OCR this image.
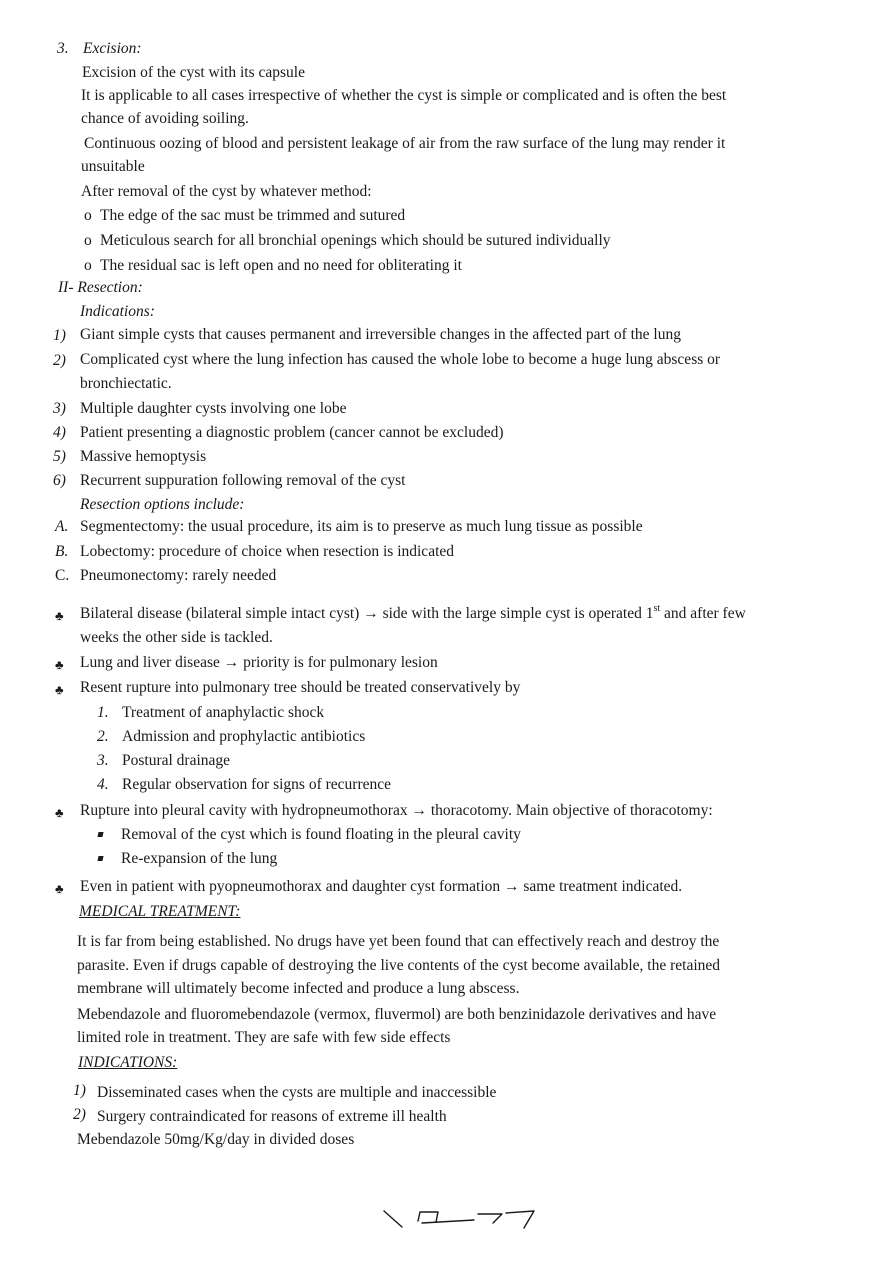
3. Excision:
Excision of the cyst with its capsule
It is applicable to all cases irrespective of whether the cyst is simple or complicated and is often the best
chance of avoiding soiling.
Continuous oozing of blood and persistent leakage of air from the raw surface of the lung may render it
unsuitable
After removal of the cyst by whatever method:
o The edge of the sac must be trimmed and sutured
o Meticulous search for all bronchial openings which should be sutured individually
o The residual sac is left open and no need for obliterating it
II- Resection:
Indications:
1) Giant simple cysts that causes permanent and irreversible changes in the affected part of the lung
2) Complicated cyst where the lung infection has caused the whole lobe to become a huge lung abscess or
bronchiectatic.
3) Multiple daughter cysts involving one lobe
4) Patient presenting a diagnostic problem (cancer cannot be excluded)
5) Massive hemoptysis
6) Recurrent suppuration following removal of the cyst
Resection options include:
A. Segmentectomy: the usual procedure, its aim is to preserve as much lung tissue as possible
B. Lobectomy: procedure of choice when resection is indicated
C. Pneumonectomy: rarely needed
♣ Bilateral disease (bilateral simple intact cyst) → side with the large simple cyst is operated 1st and after few
weeks the other side is tackled.
♣ Lung and liver disease → priority is for pulmonary lesion
♣ Resent rupture into pulmonary tree should be treated conservatively by
1. Treatment of anaphylactic shock
2. Admission and prophylactic antibiotics
3. Postural drainage
4. Regular observation for signs of recurrence
♣ Rupture into pleural cavity with hydropneumothorax → thoracotomy. Main objective of thoracotomy:
Removal of the cyst which is found floating in the pleural cavity
Re-expansion of the lung
♣ Even in patient with pyopneumothorax and daughter cyst formation → same treatment indicated.
MEDICAL TREATMENT:
It is far from being established. No drugs have yet been found that can effectively reach and destroy the
parasite. Even if drugs capable of destroying the live contents of the cyst become available, the retained
membrane will ultimately become infected and produce a lung abscess.
Mebendazole and fluoromebendazole (vermox, fluvermol) are both benzinidazole derivatives and have
limited role in treatment. They are safe with few side effects
INDICATIONS:
1) Disseminated cases when the cysts are multiple and inaccessible
2) Surgery contraindicated for reasons of extreme ill health
Mebendazole 50mg/Kg/day in divided doses
